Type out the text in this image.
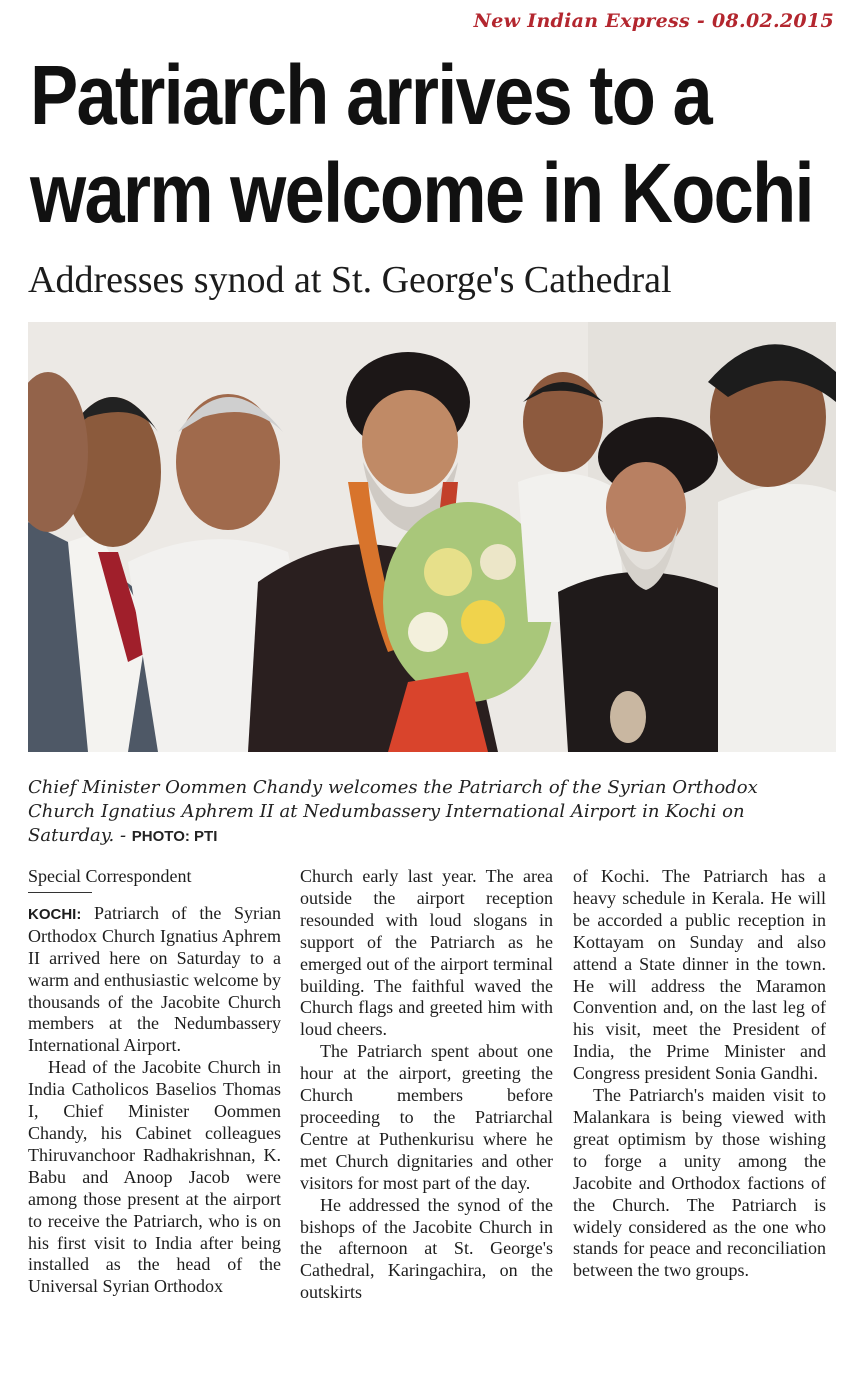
New Indian Express - 08.02.2015
Patriarch arrives to a
warm welcome in Kochi
Addresses synod at St. George's Cathedral

Chief Minister Oommen Chandy welcomes the Patriarch of the Syrian Orthodox Church Ignatius Aphrem II at Nedumbassery International Airport in Kochi on Saturday. - PHOTO: PTI

Special Correspondent

KOCHI: Patriarch of the Syrian Orthodox Church Ignatius Aphrem II arrived here on Saturday to a warm and enthusiastic welcome by thousands of the Jacobite Church members at the Nedumbassery International Airport.

Head of the Jacobite Church in India Catholicos Baselios Thomas I, Chief Minister Oommen Chandy, his Cabinet colleagues Thiruvanchoor Radhakrishnan, K. Babu and Anoop Jacob were among those present at the airport to receive the Patriarch, who is on his first visit to India after being installed as the head of the Universal Syrian Orthodox

Church early last year. The area outside the airport reception resounded with loud slogans in support of the Patriarch as he emerged out of the airport terminal building. The faithful waved the Church flags and greeted him with loud cheers.

The Patriarch spent about one hour at the airport, greeting the Church members before proceeding to the Patriarchal Centre at Puthenkurisu where he met Church dignitaries and other visitors for most part of the day.

He addressed the synod of the bishops of the Jacobite Church in the afternoon at St. George's Cathedral, Karingachira, on the outskirts

of Kochi. The Patriarch has a heavy schedule in Kerala. He will be accorded a public reception in Kottayam on Sunday and also attend a State dinner in the town. He will address the Maramon Convention and, on the last leg of his visit, meet the President of India, the Prime Minister and Congress president Sonia Gandhi.

The Patriarch's maiden visit to Malankara is being viewed with great optimism by those wishing to forge a unity among the Jacobite and Orthodox factions of the Church. The Patriarch is widely considered as the one who stands for peace and reconciliation between the two groups.
